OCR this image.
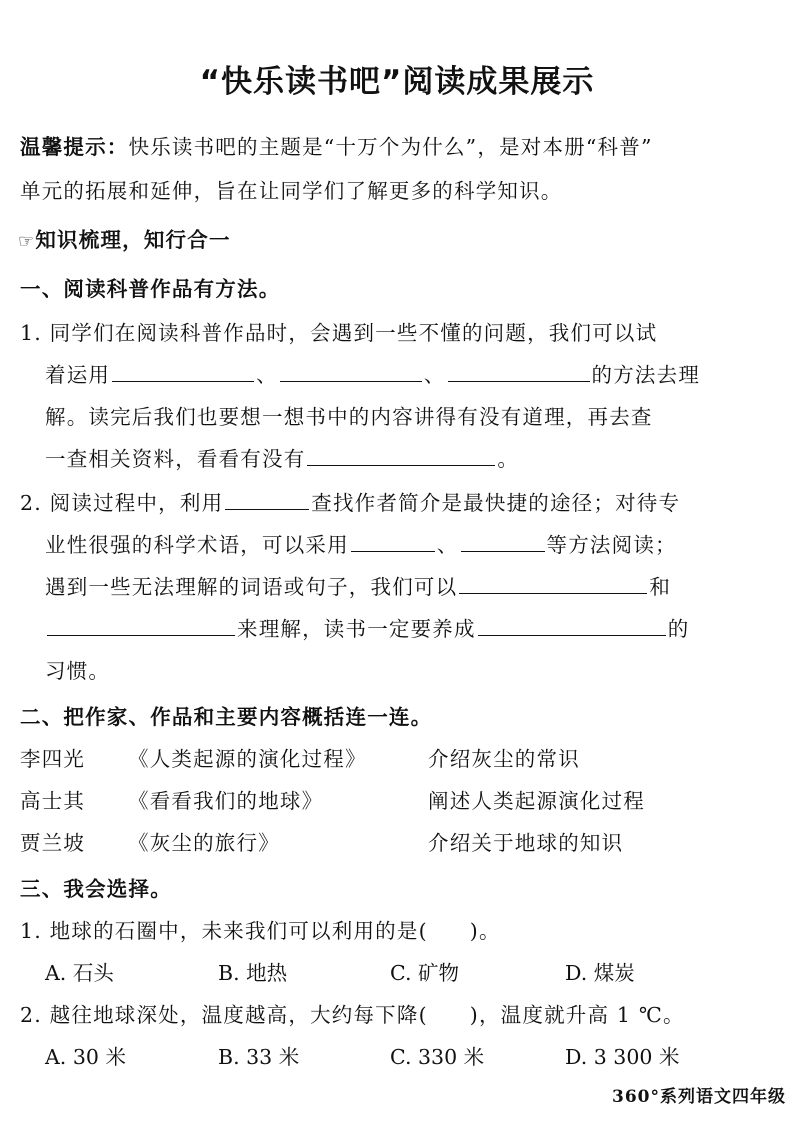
“快乐读书吧”阅读成果展示
温馨提示：快乐读书吧的主题是“十万个为什么”，是对本册“科普”
单元的拓展和延伸，旨在让同学们了解更多的科学知识。
☞知识梳理，知行合一
一、阅读科普作品有方法。
1. 同学们在阅读科普作品时，会遇到一些不懂的问题，我们可以试
着运用	、	、	的方法去理
解。读完后我们也要想一想书中的内容讲得有没有道理，再去查
一查相关资料，看看有没有	。
2. 阅读过程中，利用	查找作者简介是最快捷的途径；对待专
业性很强的科学术语，可以采用	、	等方法阅读；
遇到一些无法理解的词语或句子，我们可以	和
来理解，读书一定要养成	的
习惯。
二、把作家、作品和主要内容概括连一连。
李四光 《人类起源的演化过程》	介绍灰尘的常识
高士其 《看看我们的地球》	阐述人类起源演化过程
贾兰坡 《灰尘的旅行》	介绍关于地球的知识
三、我会选择。
1. 地球的石圈中，未来我们可以利用的是( )。
A. 石头	B. 地热	C. 矿物	D. 煤炭
2. 越往地球深处，温度越高，大约每下降( )，温度就升高 1 ℃。
A. 30 米	B. 33 米	C. 330 米	D. 3 300 米
360°系列语文四年级
